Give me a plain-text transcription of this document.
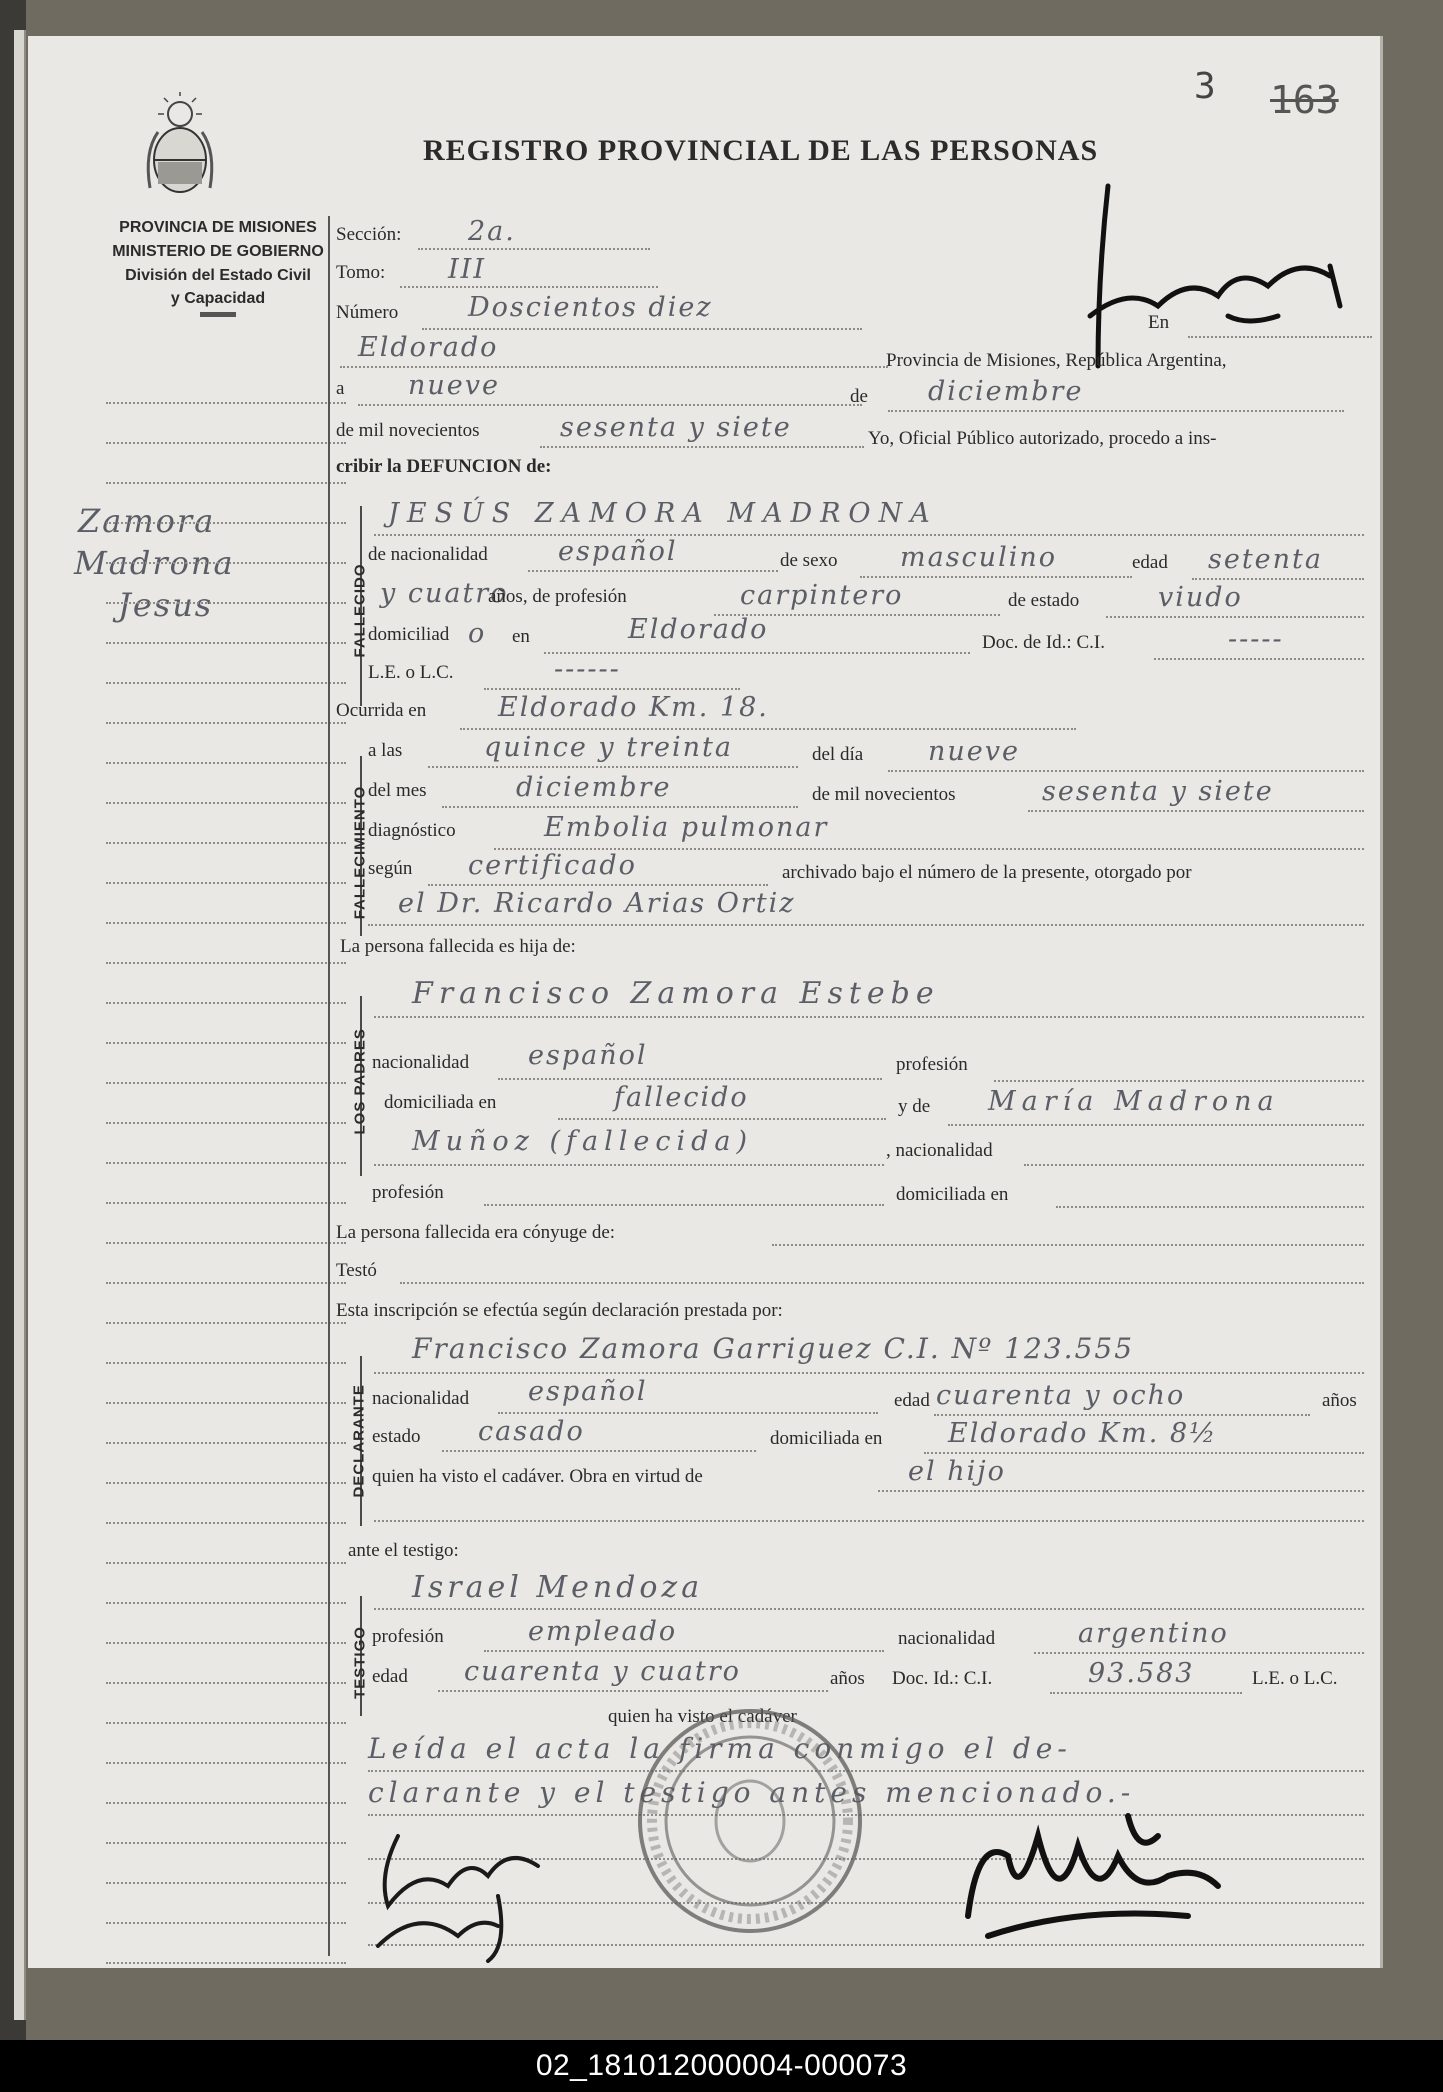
3 163
REGISTRO PROVINCIAL DE LAS PERSONAS
PROVINCIA DE MISIONES
MINISTERIO DE GOBIERNO
División del Estado Civil
y Capacidad
Zamora
Madrona
Jesus
En
Sección: 2a.
Tomo: III
Número	Doscientos diez
Eldorado	Provincia de Misiones, República Argentina,
a nueve	de diciembre
de mil novecientos	sesenta y siete	Yo, Oficial Público autorizado, procedo a ins-
cribir la DEFUNCION de:
FALLECIDO
JESÚS ZAMORA MADRONA
de nacionalidad	español	de sexo masculino	edad setenta
y cuatro
años, de profesión	carpintero	de estado	viudo
domiciliad o en	Eldorado	Doc. de Id.: C.I.	-----
L.E. o L.C.	------
Ocurrida en	Eldorado Km. 18.
FALLECIMIENTO
a las	quince y treinta	del día nueve
del mes	diciembre	de mil novecientos	sesenta y siete
diagnóstico	Embolia pulmonar
según certificado	archivado bajo el número de la presente, otorgado por
el Dr. Ricardo Arias Ortiz
La persona fallecida es hija de:
LOS PADRES
Francisco Zamora Estebe
nacionalidad español	profesión
domiciliada en	fallecido	y de María Madrona
Muñoz (fallecida)	, nacionalidad
profesión	domiciliada en
La persona fallecida era cónyuge de:
Testó
Esta inscripción se efectúa según declaración prestada por:
DECLARANTE
Francisco Zamora Garriguez C.I. Nº 123.555
nacionalidad español	edad cuarenta y ocho	años
estado casado	domiciliada en Eldorado Km. 8½
quien ha visto el cadáver. Obra en virtud de	el hijo
ante el testigo:
TESTIGO
Israel Mendoza
profesión	empleado	nacionalidad	argentino
edad cuarenta y cuatro	años Doc. Id.: C.I.	93.583	L.E. o L.C.
quien ha visto el cadáver
Leída el acta la firma conmigo el de-
clarante y el testigo antes mencionado.-
02_181012000004-000073
